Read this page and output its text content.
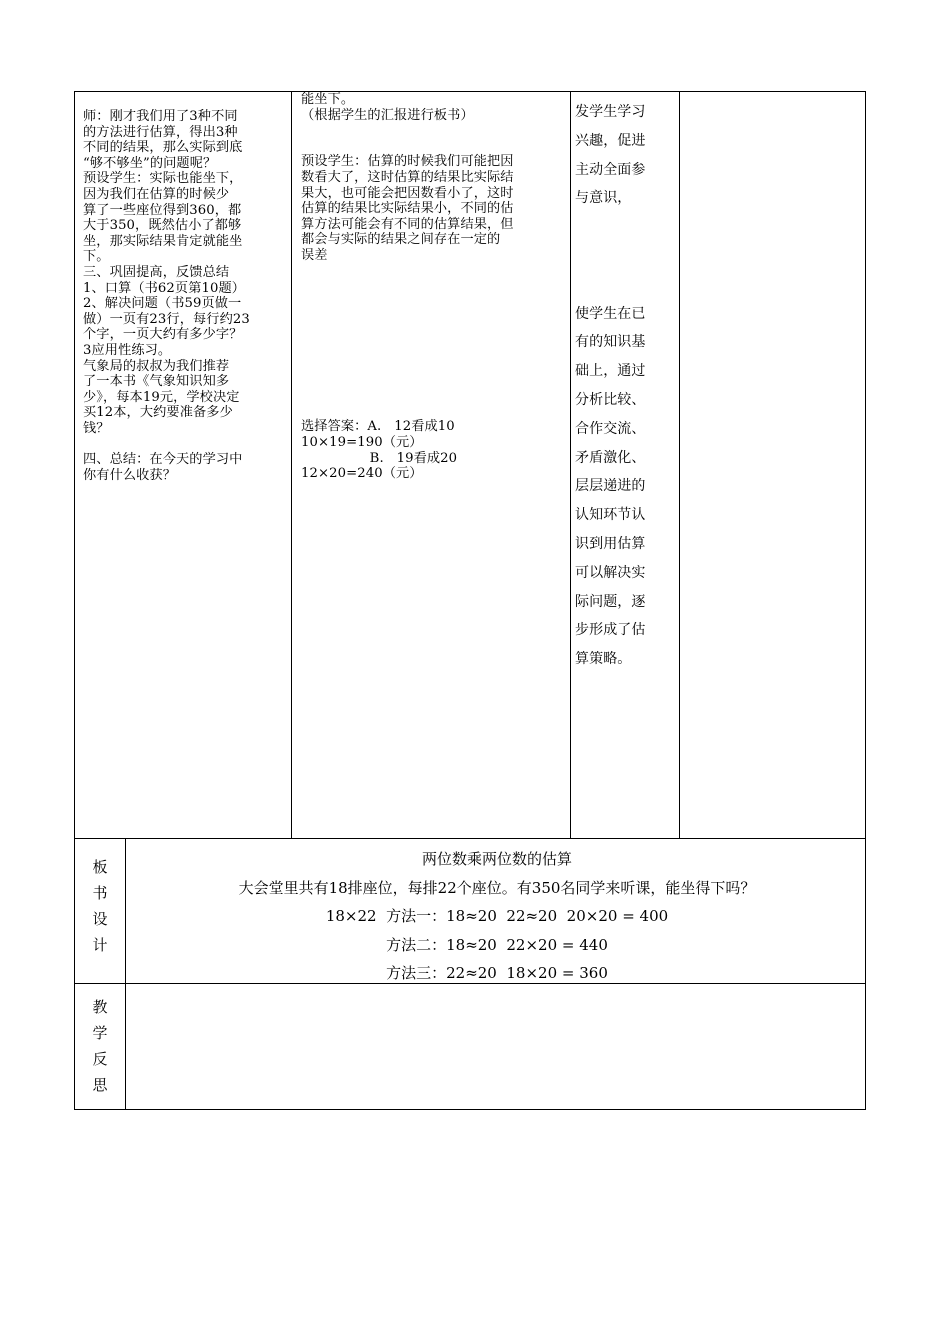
师：刚才我们用了3种不同
的方法进行估算，得出3种
不同的结果，那么实际到底
“够不够坐”的问题呢？
预设学生：实际也能坐下，
因为我们在估算的时候少
算了一些座位得到360，都
大于350，既然估小了都够
坐，那实际结果肯定就能坐
下。
三、巩固提高，反馈总结
1、口算（书62页第10题）
2、解决问题（书59页做一
做）一页有23行，每行约23
个字，一页大约有多少字？
3应用性练习。
气象局的叔叔为我们推荐
了一本书《气象知识知多
少》，每本19元，学校决定
买12本，大约要准备多少
钱？

四、总结：在今天的学习中
你有什么收获？
能坐下。
（根据学生的汇报进行板书）

预设学生：估算的时候我们可能把因
数看大了，这时估算的结果比实际结
果大，也可能会把因数看小了，这时
估算的结果比实际结果小，不同的估
算方法可能会有不同的估算结果，但
都会与实际的结果之间存在一定的
误差

选择答案：A.   12看成10
10×19=190（元）
B.   19看成20
12×20=240（元）
发学生学习
兴趣，促进
主动全面参
与意识，

使学生在已
有的知识基
础上，通过
分析比较、
合作交流、
矛盾激化、
层层递进的
认知环节认
识到用估算
可以解决实
际问题，逐
步形成了估
算策略。
板
书
设
计
两位数乘两位数的估算
大会堂里共有18排座位，每排22个座位。有350名同学来听课，能坐得下吗？
18×22  方法一：18≈20  22≈20  20×20 = 400
方法二：18≈20  22×20 = 440
方法三：22≈20  18×20 = 360
教
学
反
思
